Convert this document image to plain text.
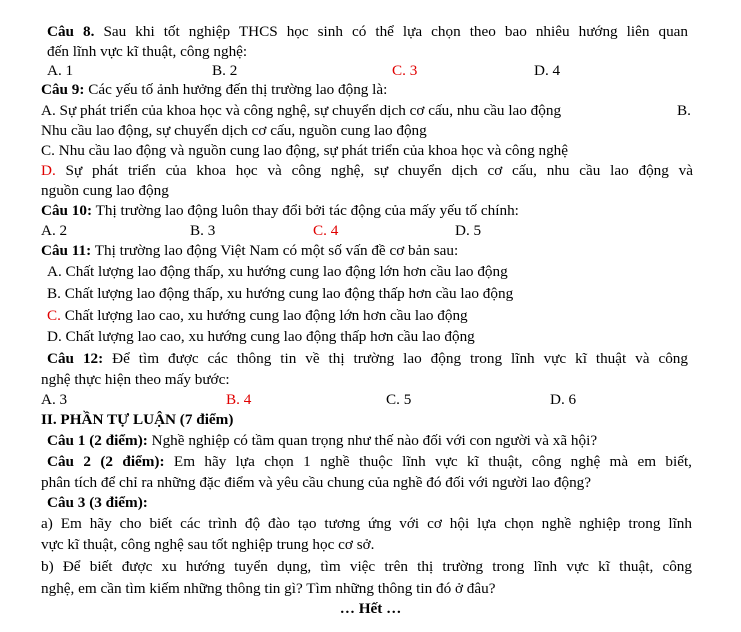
Câu 8. Sau khi tốt nghiệp THCS học sinh có thể lựa chọn theo bao nhiêu hướng liên quan
đến lĩnh vực kĩ thuật, công nghệ:
A. 1	B. 2	C. 3	D. 4
Câu 9: Các yếu tố ảnh hưởng đến thị trường lao động là:
A. Sự phát triển của khoa học và công nghệ, sự chuyển dịch cơ cấu, nhu cầu lao động	B.
Nhu cầu lao động, sự chuyển dịch cơ cấu, nguồn cung lao động
C. Nhu cầu lao động và nguồn cung lao động, sự phát triển của khoa học và công nghệ
D. Sự phát triển của khoa học và công nghệ, sự chuyển dịch cơ cấu, nhu cầu lao động và
nguồn cung lao động
Câu 10: Thị trường lao động luôn thay đổi bởi tác động của mấy yếu tố chính:
A. 2	B. 3	C. 4	D. 5
Câu 11: Thị trường lao động Việt Nam có một số vấn đề cơ bản sau:
A. Chất lượng lao động thấp, xu hướng cung lao động lớn hơn cầu lao động
B. Chất lượng lao động thấp, xu hướng cung lao động thấp hơn cầu lao động
C. Chất lượng lao cao, xu hướng cung lao động lớn hơn cầu lao động
D. Chất lượng lao cao, xu hướng cung lao động thấp hơn cầu lao động
Câu 12: Để tìm được các thông tin về thị trường lao động trong lĩnh vực kĩ thuật và công
nghệ thực hiện theo mấy bước:
A. 3	B. 4	C. 5	D. 6
II. PHẦN TỰ LUẬN (7 điểm)
Câu 1 (2 điểm): Nghề nghiệp có tầm quan trọng như thế nào đối với con người và xã hội?
Câu 2 (2 điểm): Em hãy lựa chọn 1 nghề thuộc lĩnh vực kĩ thuật, công nghệ mà em biết,
phân tích để chỉ ra những đặc điểm và yêu cầu chung của nghề đó đối với người lao động?
Câu 3 (3 điểm):
a) Em hãy cho biết các trình độ đào tạo tương ứng với cơ hội lựa chọn nghề nghiệp trong lĩnh
vực kĩ thuật, công nghệ sau tốt nghiệp trung học cơ sở.
b) Để biết được xu hướng tuyển dụng, tìm việc trên thị trường trong lĩnh vực kĩ thuật, công
nghệ, em cần tìm kiếm những thông tin gì? Tìm những thông tin đó ở đâu?
… Hết …
